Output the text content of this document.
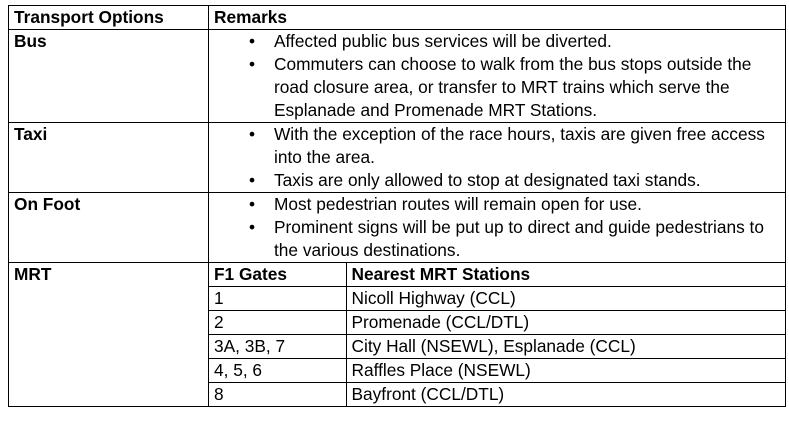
Transport Options	Remarks
Bus	• Affected public bus services will be diverted.
• Commuters can choose to walk from the bus stops outside the road closure area, or transfer to MRT trains which serve the Esplanade and Promenade MRT Stations.

Taxi	• With the exception of the race hours, taxis are given free access into the area.
• Taxis are only allowed to stop at designated taxi stands.

On Foot	• Most pedestrian routes will remain open for use.
• Prominent signs will be put up to direct and guide pedestrians to the various destinations.

MRT		F1 Gates	Nearest MRT Stations
1	Nicoll Highway (CCL)
2	Promenade (CCL/DTL)
3A, 3B, 7	City Hall (NSEWL), Esplanade (CCL)
4, 5, 6	Raffles Place (NSEWL)
8	Bayfront (CCL/DTL)
